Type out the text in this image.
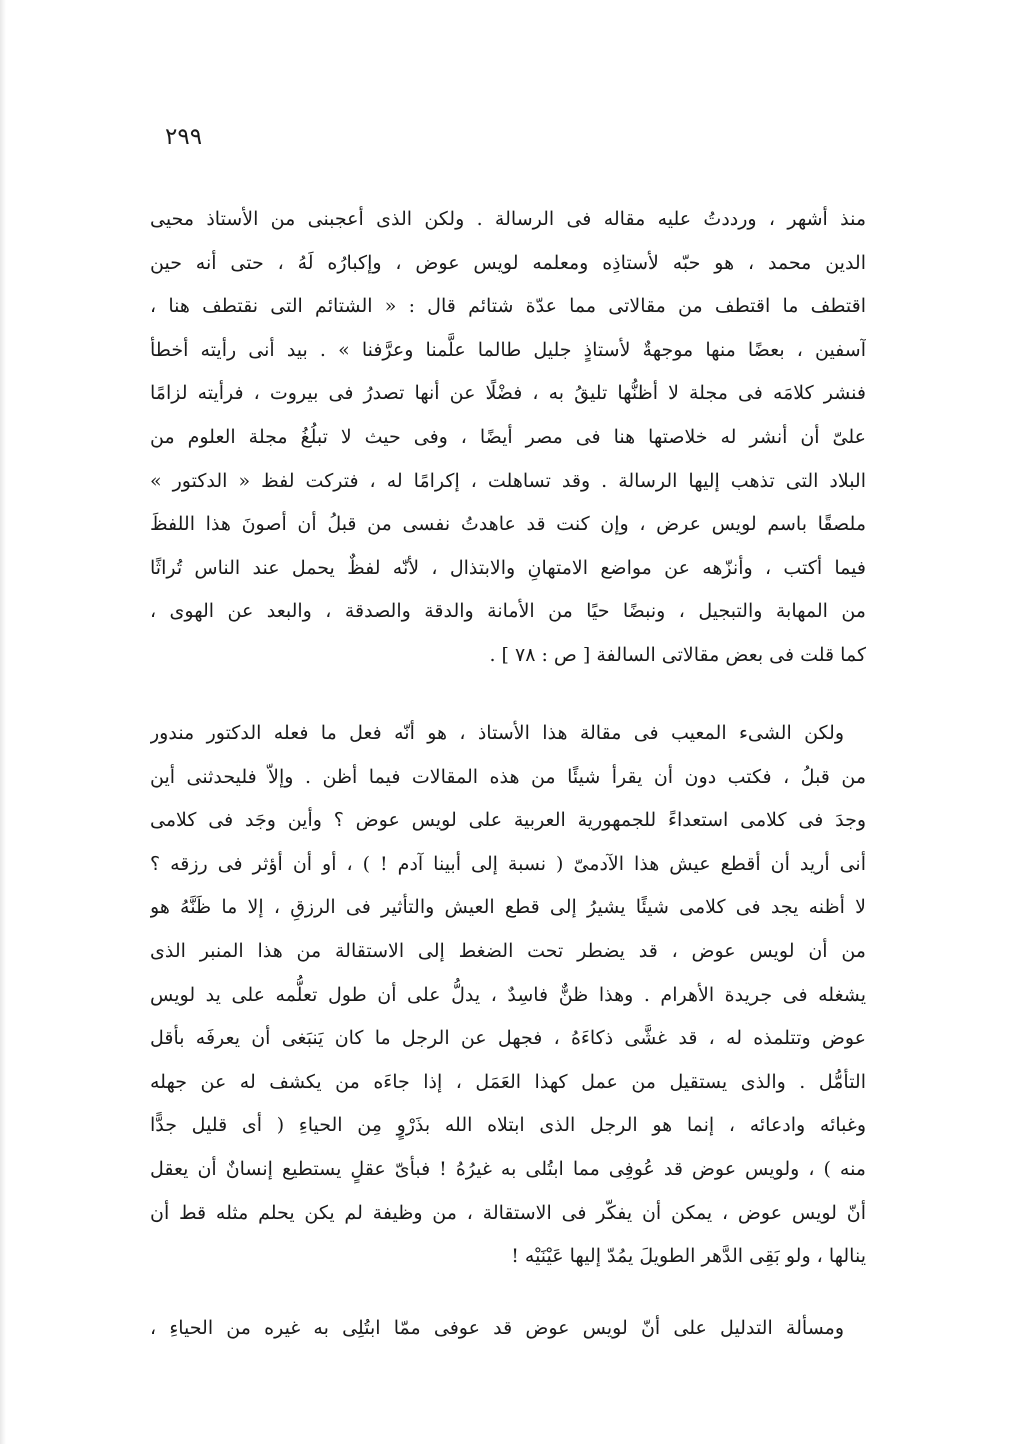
٢٩٩
منذ أشهر ، ورددتُ عليه مقاله فى الرسالة . ولكن الذى أعجبنى من الأستاذ محيى
الدين محمد ، هو حبّه لأستاذِه ومعلمه لويس عوض ، وإكبارُه لَهُ ، حتى أنه حين
اقتطف ما اقتطف من مقالاتى مما عدّة شتائم قال : « الشتائم التى نقتطف هنا ،
آسفين ، بعضًا منها موجهةٌ لأستاذٍ جليل طالما علَّمنا وعرَّفنا » . بيد أنى رأيته أخطأ
فنشر كلامَه فى مجلة لا أظنُّها تليقُ به ، فضْلًا عن أنها تصدرُ فى بيروت ، فرأيته لزامًا
علىّ أن أنشر له خلاصتها هنا فى مصر أيضًا ، وفى حيث لا تبلُغُ مجلة العلوم من
البلاد التى تذهب إليها الرسالة . وقد تساهلت ، إكرامًا له ، فتركت لفظ « الدكتور »
ملصقًا باسم لويس عرض ، وإن كنت قد عاهدتُ نفسى من قبلُ أن أصونَ هذا اللفظَ
فيما أكتب ، وأنزّهه عن مواضع الامتهانِ والابتذال ، لأنّه لفظٌ يحمل عند الناس تُراثًا
من المهابة والتبجيل ، ونبضًا حيًا من الأمانة والدقة والصدقة ، والبعد عن الهوى ،
كما قلت فى بعض مقالاتى السالفة [ ص : ٧٨ ] .
ولكن الشىء المعيب فى مقالة هذا الأستاذ ، هو أنّه فعل ما فعله الدكتور مندور
من قبلُ ، فكتب دون أن يقرأ شيئًا من هذه المقالات فيما أظن . وإلاّ فليحدثنى أين
وجدَ فى كلامى استعداءً للجمهورية العربية على لويس عوض ؟ وأين وجَد فى كلامى
أنى أريد أن أقطع عيش هذا الآدمىّ ( نسبة إلى أبينا آدم ! ) ، أو أن أؤثر فى رزقه ؟
لا أظنه يجد فى كلامى شيئًا يشيرُ إلى قطع العيش والتأثير فى الرزقِ ، إلا ما ظَنَّهُ هو
من أن لويس عوض ، قد يضطر تحت الضغط إلى الاستقالة من هذا المنبر الذى
يشغله فى جريدة الأهرام . وهذا ظنٌّ فاسِدٌ ، يدلُّ على أن طول تعلُّمه على يد لويس
عوض وتتلمذه له ، قد غشَّى ذكاءَهُ ، فجهل عن الرجل ما كان يَنبَغى أن يعرفَه بأقل
التأمُّل . والذى يستقيل من عمل كهذا العَمَل ، إذا جاءَه من يكشف له عن جهله
وغبائه وادعائه ، إنما هو الرجل الذى ابتلاه الله بذَرْوٍ مِن الحياءِ ( أى قليل جدًّا
منه ) ، ولويس عوض قد عُوفِى مما ابتُلى به غيرُهُ ! فبأىّ عقلٍ يستطيع إنسانٌ أن يعقل
أنّ لويس عوض ، يمكن أن يفكّر فى الاستقالة ، من وظيفة لم يكن يحلم مثله قط أن
ينالها ، ولو بَقِى الدَّهر الطويلَ يمُدّ إليها عَيْنَيْه !
ومسألة التدليل على أنّ لويس عوض قد عوفى ممّا ابتُلِى به غيره من الحياءِ ،
